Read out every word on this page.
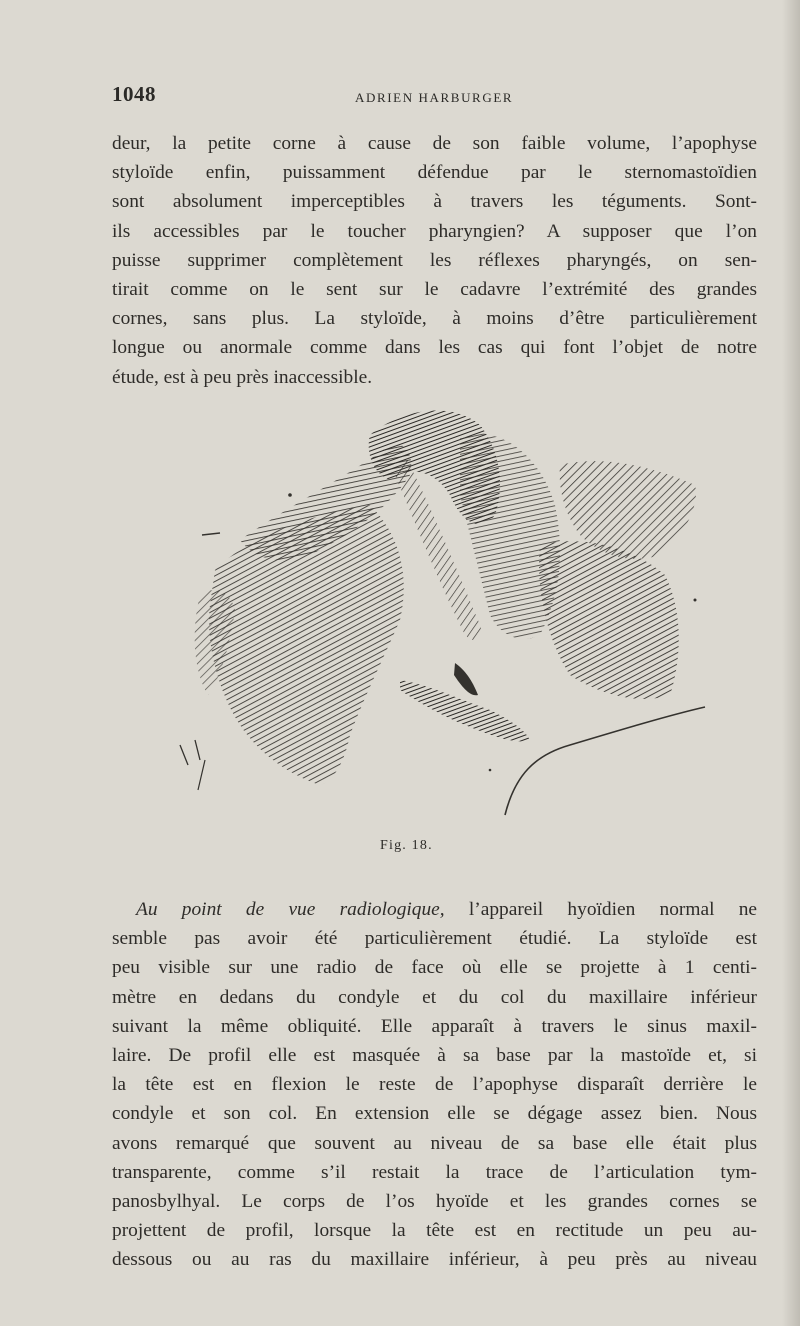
1048	ADRIEN HARBURGER
deur, la petite corne à cause de son faible volume, l’apophyse
styloïde enfin, puissamment défendue par le sternomastoïdien
sont absolument imperceptibles à travers les téguments. Sont-
ils accessibles par le toucher pharyngien? A supposer que l’on
puisse supprimer complètement les réflexes pharyngés, on sen-
tirait comme on le sent sur le cadavre l’extrémité des grandes
cornes, sans plus. La styloïde, à moins d’être particulièrement
longue ou anormale comme dans les cas qui font l’objet de notre
étude, est à peu près inaccessible.
Fig. 18.
Au point de vue radiologique, l’appareil hyoïdien normal ne
semble pas avoir été particulièrement étudié. La styloïde est
peu visible sur une radio de face où elle se projette à 1 centi-
mètre en dedans du condyle et du col du maxillaire inférieur
suivant la même obliquité. Elle apparaît à travers le sinus maxil-
laire. De profil elle est masquée à sa base par la mastoïde et, si
la tête est en flexion le reste de l’apophyse disparaît derrière le
condyle et son col. En extension elle se dégage assez bien. Nous
avons remarqué que souvent au niveau de sa base elle était plus
transparente, comme s’il restait la trace de l’articulation tym-
panosbylhyal. Le corps de l’os hyoïde et les grandes cornes se
projettent de profil, lorsque la tête est en rectitude un peu au-
dessous ou au ras du maxillaire inférieur, à peu près au niveau
